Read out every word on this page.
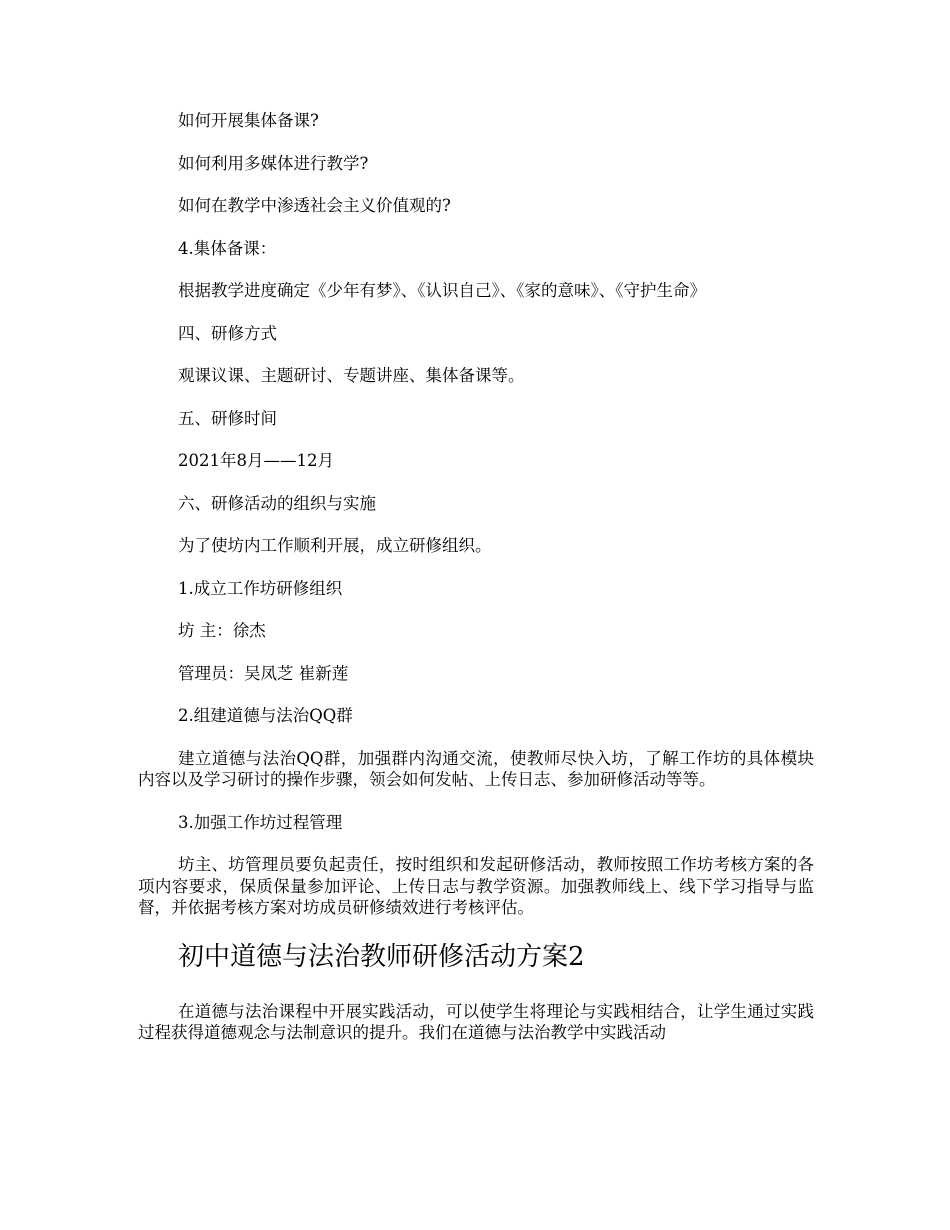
如何开展集体备课?

如何利用多媒体进行教学?

如何在教学中渗透社会主义价值观的?

4.集体备课：

根据教学进度确定《少年有梦》、《认识自己》、《家的意味》、《守护生命》

四、研修方式

观课议课、主题研讨、专题讲座、集体备课等。

五、研修时间

2021年8月——12月

六、研修活动的组织与实施

为了使坊内工作顺利开展，成立研修组织。

1.成立工作坊研修组织

坊 主：徐杰

管理员：吴凤芝 崔新莲

2.组建道德与法治QQ群

建立道德与法治QQ群，加强群内沟通交流，使教师尽快入坊，了解工作坊的具体模块内容以及学习研讨的操作步骤，领会如何发帖、上传日志、参加研修活动等等。

3.加强工作坊过程管理

坊主、坊管理员要负起责任，按时组织和发起研修活动，教师按照工作坊考核方案的各项内容要求，保质保量参加评论、上传日志与教学资源。加强教师线上、线下学习指导与监督，并依据考核方案对坊成员研修绩效进行考核评估。

初中道德与法治教师研修活动方案2

在道德与法治课程中开展实践活动，可以使学生将理论与实践相结合，让学生通过实践过程获得道德观念与法制意识的提升。我们在道德与法治教学中实践活动
